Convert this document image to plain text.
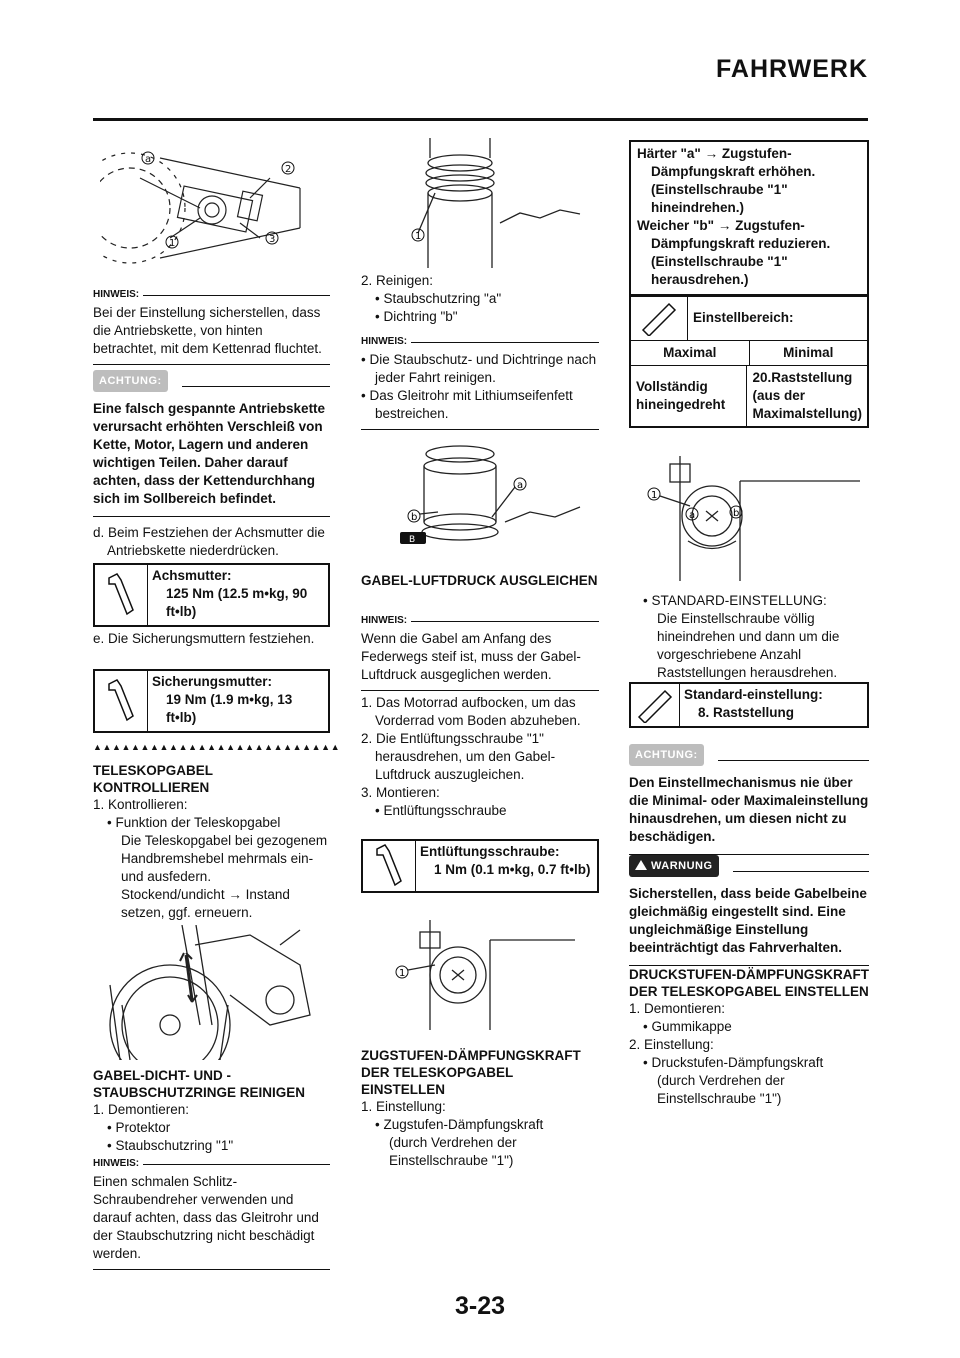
FAHRWERK
a
2
3
1
HINWEIS:

Bei der Einstellung sicherstellen, dass die Antriebskette, von hinten betrachtet, mit dem Kettenrad fluchtet.

ACHTUNG:

Eine falsch gespannte Antriebskette verursacht erhöhten Verschleiß von Kette, Motor, Lagern und anderen wichtigen Teilen. Daher darauf achten, dass der Kettendurchhang sich im Sollbereich befindet.

d. Beim Festziehen der Achsmutter die Antriebskette niederdrücken.

Achsmutter:
125 Nm (12.5 m•kg, 90 ft•lb)

e. Die Sicherungsmuttern festziehen.

Sicherungsmutter:
19 Nm (1.9 m•kg, 13 ft•lb)
▲▲▲▲▲▲▲▲▲▲▲▲▲▲▲▲▲▲▲▲▲▲▲▲▲▲
TELESKOPGABEL KONTROLLIEREN

1. Kontrollieren:

• Funktion der Teleskopgabel

Die Teleskopgabel bei gezogenem Handbremshebel mehrmals ein- und ausfedern.

Stockend/undicht → Instand setzen, ggf. erneuern.

GABEL-DICHT- UND - STAUBSCHUTZRINGE REINIGEN

1. Demontieren:

• Protektor

• Staubschutzring "1"

HINWEIS:

Einen schmalen Schlitz-Schraubendreher verwenden und darauf achten, dass das Gleitrohr und der Staubschutzring nicht beschädigt werden.

1

2. Reinigen:

• Staubschutzring "a"

• Dichtring "b"

HINWEIS:

• Die Staubschutz- und Dichtringe nach jeder Fahrt reinigen.

• Das Gleitrohr mit Lithiumseifenfett bestreichen.

a
b
B
GABEL-LUFTDRUCK AUSGLEICHEN
HINWEIS:

Wenn die Gabel am Anfang des Federwegs steif ist, muss der Gabel-Luftdruck ausgeglichen werden.

1. Das Motorrad aufbocken, um das Vorderrad vom Boden abzuheben.

2. Die Entlüftungsschraube "1" herausdrehen, um den Gabel-Luftdruck auszugleichen.

3. Montieren:

• Entlüftungsschraube

Entlüftungsschraube:
1 Nm (0.1 m•kg, 0.7 ft•lb)
1
ZUGSTUFEN-DÄMPFUNGSKRAFT DER TELESKOPGABEL EINSTELLEN

1. Einstellung:

• Zugstufen-Dämpfungskraft

(durch Verdrehen der Einstellschraube "1")

Härter "a" → Zugstufen-Dämpfungskraft erhöhen. (Einstellschraube "1" hineindrehen.)

Weicher "b" → Zugstufen-Dämpfungskraft reduzieren. (Einstellschraube "1" herausdrehen.)

Einstellbereich:
Maximal	Minimal
Vollständig hineingedreht
20.Raststellung (aus der Maximalstellung)
1
a	b

• STANDARD-EINSTELLUNG:

Die Einstellschraube völlig hineindrehen und dann um die vorgeschriebene Anzahl Raststellungen herausdrehen.

Standard-einstellung:
8. Raststellung
ACHTUNG:

Den Einstellmechanismus nie über die Minimal- oder Maximaleinstellung hinausdrehen, um diesen nicht zu beschädigen.

WARNUNG

Sicherstellen, dass beide Gabelbeine gleichmäßig eingestellt sind. Eine ungleichmäßige Einstellung beeinträchtigt das Fahrverhalten.

DRUCKSTUFEN-DÄMPFUNGSKRAFT DER TELESKOPGABEL EINSTELLEN

1. Demontieren:

• Gummikappe

2. Einstellung:

• Druckstufen-Dämpfungskraft

(durch Verdrehen der Einstellschraube "1")

3-23
